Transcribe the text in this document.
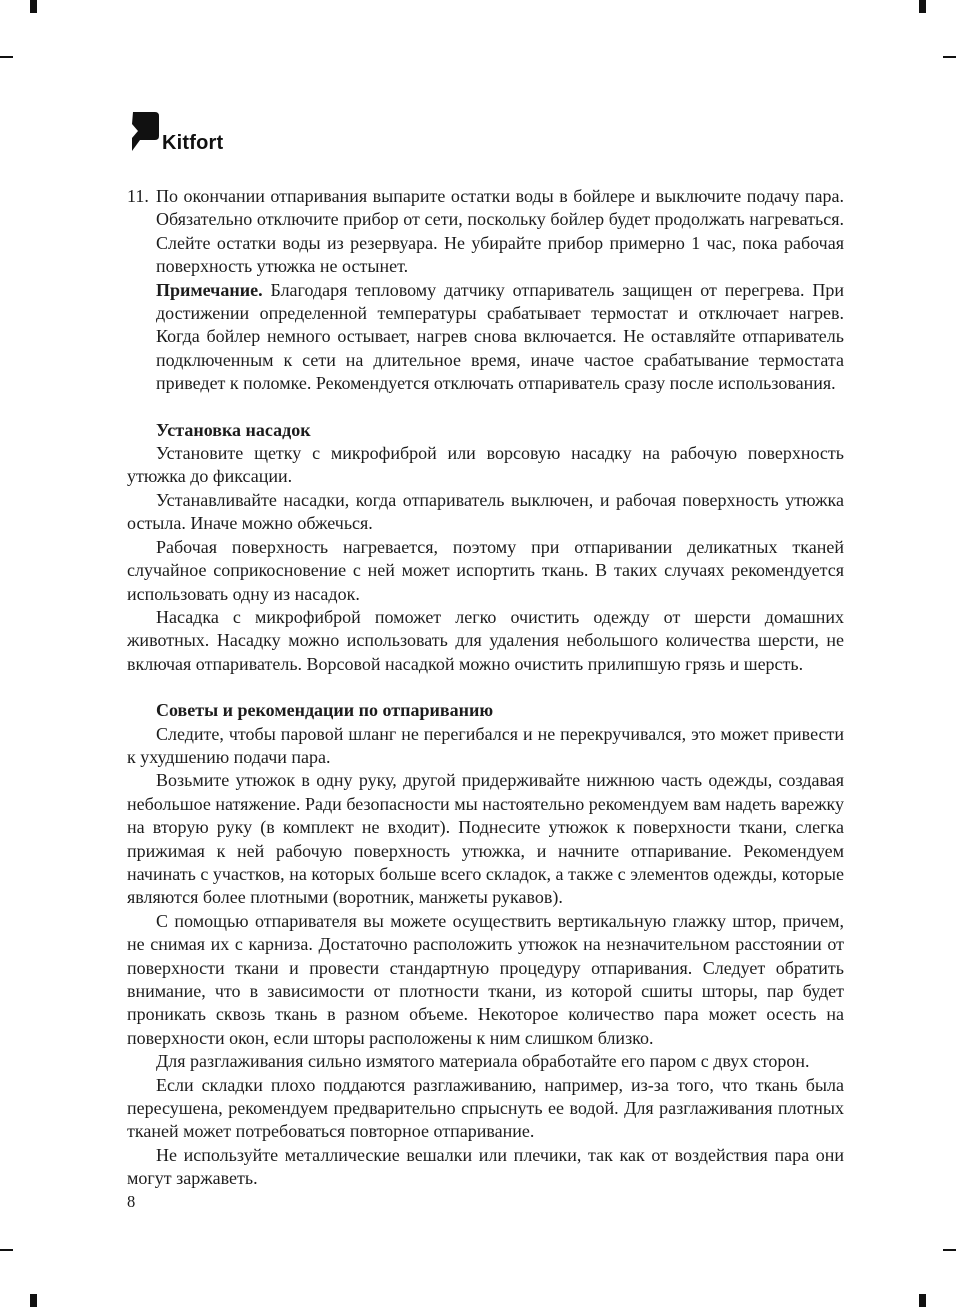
Kitfort
11. По окончании отпаривания выпарите остатки воды в бойлере и выключите подачу пара. Обязательно отключите прибор от сети, поскольку бойлер будет продолжать нагреваться. Слейте остатки воды из резервуара. Не убирайте прибор примерно 1 час, пока рабочая поверхность утюжка не остынет.

Примечание. Благодаря тепловому датчику отпариватель защищен от перегрева. При достижении определенной температуры срабатывает термостат и отключает нагрев. Когда бойлер немного остывает, нагрев снова включается. Не оставляйте отпариватель подключенным к сети на длительное время, иначе частое срабатывание термостата приведет к поломке. Рекомендуется отключать отпариватель сразу после использования.

Установка насадок

Установите щетку с микрофиброй или ворсовую насадку на рабочую поверхность утюжка до фиксации.

Устанавливайте насадки, когда отпариватель выключен, и рабочая поверхность утюжка остыла. Иначе можно обжечься.

Рабочая поверхность нагревается, поэтому при отпаривании деликатных тканей случайное соприкосновение с ней может испортить ткань. В таких случаях рекомендуется использовать одну из насадок.

Насадка с микрофиброй поможет легко очистить одежду от шерсти домашних животных. Насадку можно использовать для удаления небольшого количества шерсти, не включая отпариватель. Ворсовой насадкой можно очистить прилипшую грязь и шерсть.

Советы и рекомендации по отпариванию

Следите, чтобы паровой шланг не перегибался и не перекручивался, это может привести к ухудшению подачи пара.

Возьмите утюжок в одну руку, другой придерживайте нижнюю часть одежды, создавая небольшое натяжение. Ради безопасности мы настоятельно рекомендуем вам надеть варежку на вторую руку (в комплект не входит). Поднесите утюжок к поверхности ткани, слегка прижимая к ней рабочую поверхность утюжка, и начните отпаривание. Рекомендуем начинать с участков, на которых больше всего складок, а также с элементов одежды, которые являются более плотными (воротник, манжеты рукавов).

С помощью отпаривателя вы можете осуществить вертикальную глажку штор, причем, не снимая их с карниза. Достаточно расположить утюжок на незначительном расстоянии от поверхности ткани и провести стандартную процедуру отпаривания. Следует обратить внимание, что в зависимости от плотности ткани, из которой сшиты шторы, пар будет проникать сквозь ткань в разном объеме. Некоторое количество пара может осесть на поверхности окон, если шторы расположены к ним слишком близко.

Для разглаживания сильно измятого материала обработайте его паром с двух сторон.

Если складки плохо поддаются разглаживанию, например, из-за того, что ткань была пересушена, рекомендуем предварительно спрыснуть ее водой. Для разглаживания плотных тканей может потребоваться повторное отпаривание.

Не используйте металлические вешалки или плечики, так как от воздействия пара они могут заржаветь.

8
